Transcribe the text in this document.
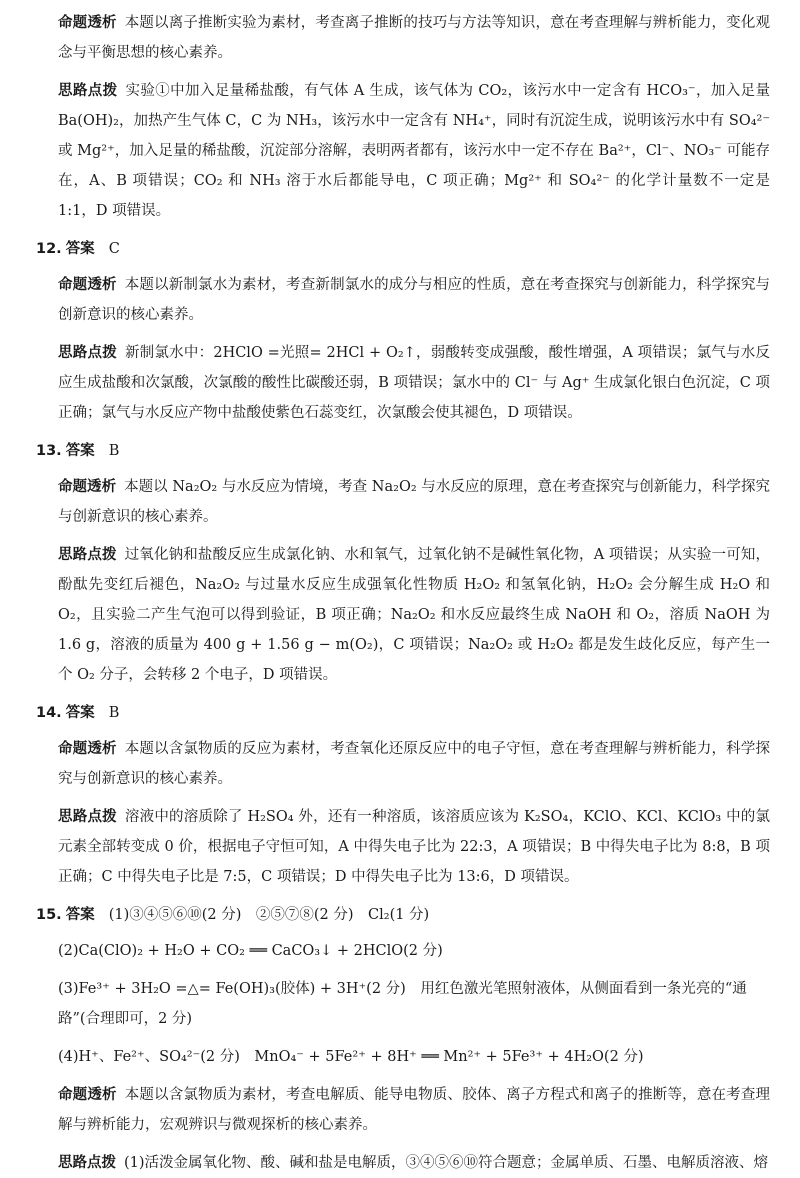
命题透析 本题以离子推断实验为素材，考查离子推断的技巧与方法等知识，意在考查理解与辨析能力，变化观念与平衡思想的核心素养。

思路点拨 实验①中加入足量稀盐酸，有气体 A 生成，该气体为 CO₂，该污水中一定含有 HCO₃⁻，加入足量 Ba(OH)₂，加热产生气体 C，C 为 NH₃，该污水中一定含有 NH₄⁺，同时有沉淀生成，说明该污水中有 SO₄²⁻ 或 Mg²⁺，加入足量的稀盐酸，沉淀部分溶解，表明两者都有，该污水中一定不存在 Ba²⁺，Cl⁻、NO₃⁻ 可能存在，A、B 项错误；CO₂ 和 NH₃ 溶于水后都能导电，C 项正确；Mg²⁺ 和 SO₄²⁻ 的化学计量数不一定是 1:1，D 项错误。

12. 答案 C

命题透析 本题以新制氯水为素材，考查新制氯水的成分与相应的性质，意在考查探究与创新能力，科学探究与创新意识的核心素养。

思路点拨 新制氯水中：2HClO =光照= 2HCl + O₂↑，弱酸转变成强酸，酸性增强，A 项错误；氯气与水反应生成盐酸和次氯酸，次氯酸的酸性比碳酸还弱，B 项错误；氯水中的 Cl⁻ 与 Ag⁺ 生成氯化银白色沉淀，C 项正确；氯气与水反应产物中盐酸使紫色石蕊变红，次氯酸会使其褪色，D 项错误。

13. 答案 B

命题透析 本题以 Na₂O₂ 与水反应为情境，考查 Na₂O₂ 与水反应的原理，意在考查探究与创新能力，科学探究与创新意识的核心素养。

思路点拨 过氧化钠和盐酸反应生成氯化钠、水和氧气，过氧化钠不是碱性氧化物，A 项错误；从实验一可知，酚酞先变红后褪色，Na₂O₂ 与过量水反应生成强氧化性物质 H₂O₂ 和氢氧化钠，H₂O₂ 会分解生成 H₂O 和 O₂，且实验二产生气泡可以得到验证，B 项正确；Na₂O₂ 和水反应最终生成 NaOH 和 O₂，溶质 NaOH 为 1.6 g，溶液的质量为 400 g + 1.56 g − m(O₂)，C 项错误；Na₂O₂ 或 H₂O₂ 都是发生歧化反应，每产生一个 O₂ 分子，会转移 2 个电子，D 项错误。

14. 答案 B

命题透析 本题以含氯物质的反应为素材，考查氧化还原反应中的电子守恒，意在考查理解与辨析能力，科学探究与创新意识的核心素养。

思路点拨 溶液中的溶质除了 H₂SO₄ 外，还有一种溶质，该溶质应该为 K₂SO₄，KClO、KCl、KClO₃ 中的氯元素全部转变成 0 价，根据电子守恒可知，A 中得失电子比为 22:3，A 项错误；B 中得失电子比为 8:8，B 项正确；C 中得失电子比是 7:5，C 项错误；D 中得失电子比为 13:6，D 项错误。

15. 答案 (1)③④⑤⑥⑩(2 分)　②⑤⑦⑧(2 分)　Cl₂(1 分)

(2)Ca(ClO)₂ + H₂O + CO₂ ══ CaCO₃↓ + 2HClO(2 分)

(3)Fe³⁺ + 3H₂O =△= Fe(OH)₃(胶体) + 3H⁺(2 分)　用红色激光笔照射液体，从侧面看到一条光亮的“通路”(合理即可，2 分)

(4)H⁺、Fe²⁺、SO₄²⁻(2 分)　MnO₄⁻ + 5Fe²⁺ + 8H⁺ ══ Mn²⁺ + 5Fe³⁺ + 4H₂O(2 分)

命题透析 本题以含氯物质为素材，考查电解质、能导电物质、胶体、离子方程式和离子的推断等，意在考查理解与辨析能力，宏观辨识与微观探析的核心素养。

思路点拨 (1)活泼金属氧化物、酸、碱和盐是电解质，③④⑤⑥⑩符合题意；金属单质、石墨、电解质溶液、熔
